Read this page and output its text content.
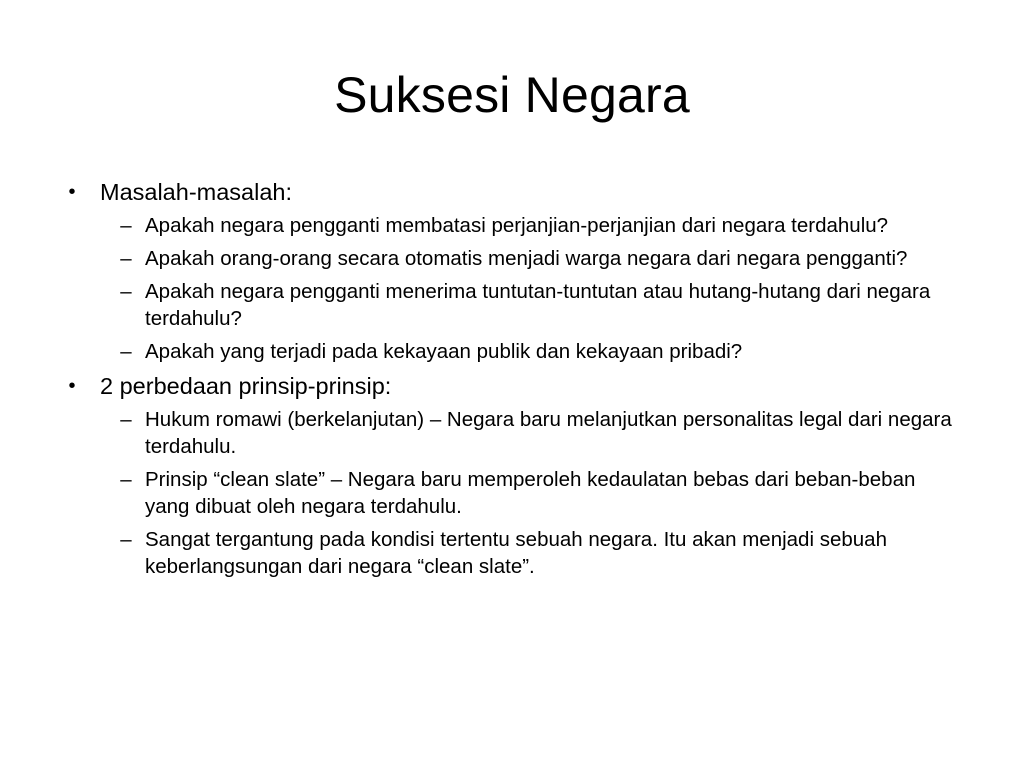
Suksesi Negara
• Masalah-masalah:
– Apakah negara pengganti membatasi perjanjian-perjanjian dari negara terdahulu?
– Apakah orang-orang secara otomatis menjadi warga negara dari negara pengganti?
– Apakah negara pengganti menerima tuntutan-tuntutan atau hutang-hutang dari negara terdahulu?
– Apakah yang terjadi pada kekayaan publik dan kekayaan pribadi?
• 2 perbedaan prinsip-prinsip:
– Hukum romawi (berkelanjutan) – Negara baru melanjutkan personalitas legal dari negara terdahulu.
– Prinsip “clean slate” – Negara baru memperoleh kedaulatan bebas dari beban-beban yang dibuat oleh negara terdahulu.
– Sangat tergantung pada kondisi tertentu sebuah negara. Itu akan menjadi sebuah keberlangsungan dari negara “clean slate”.
